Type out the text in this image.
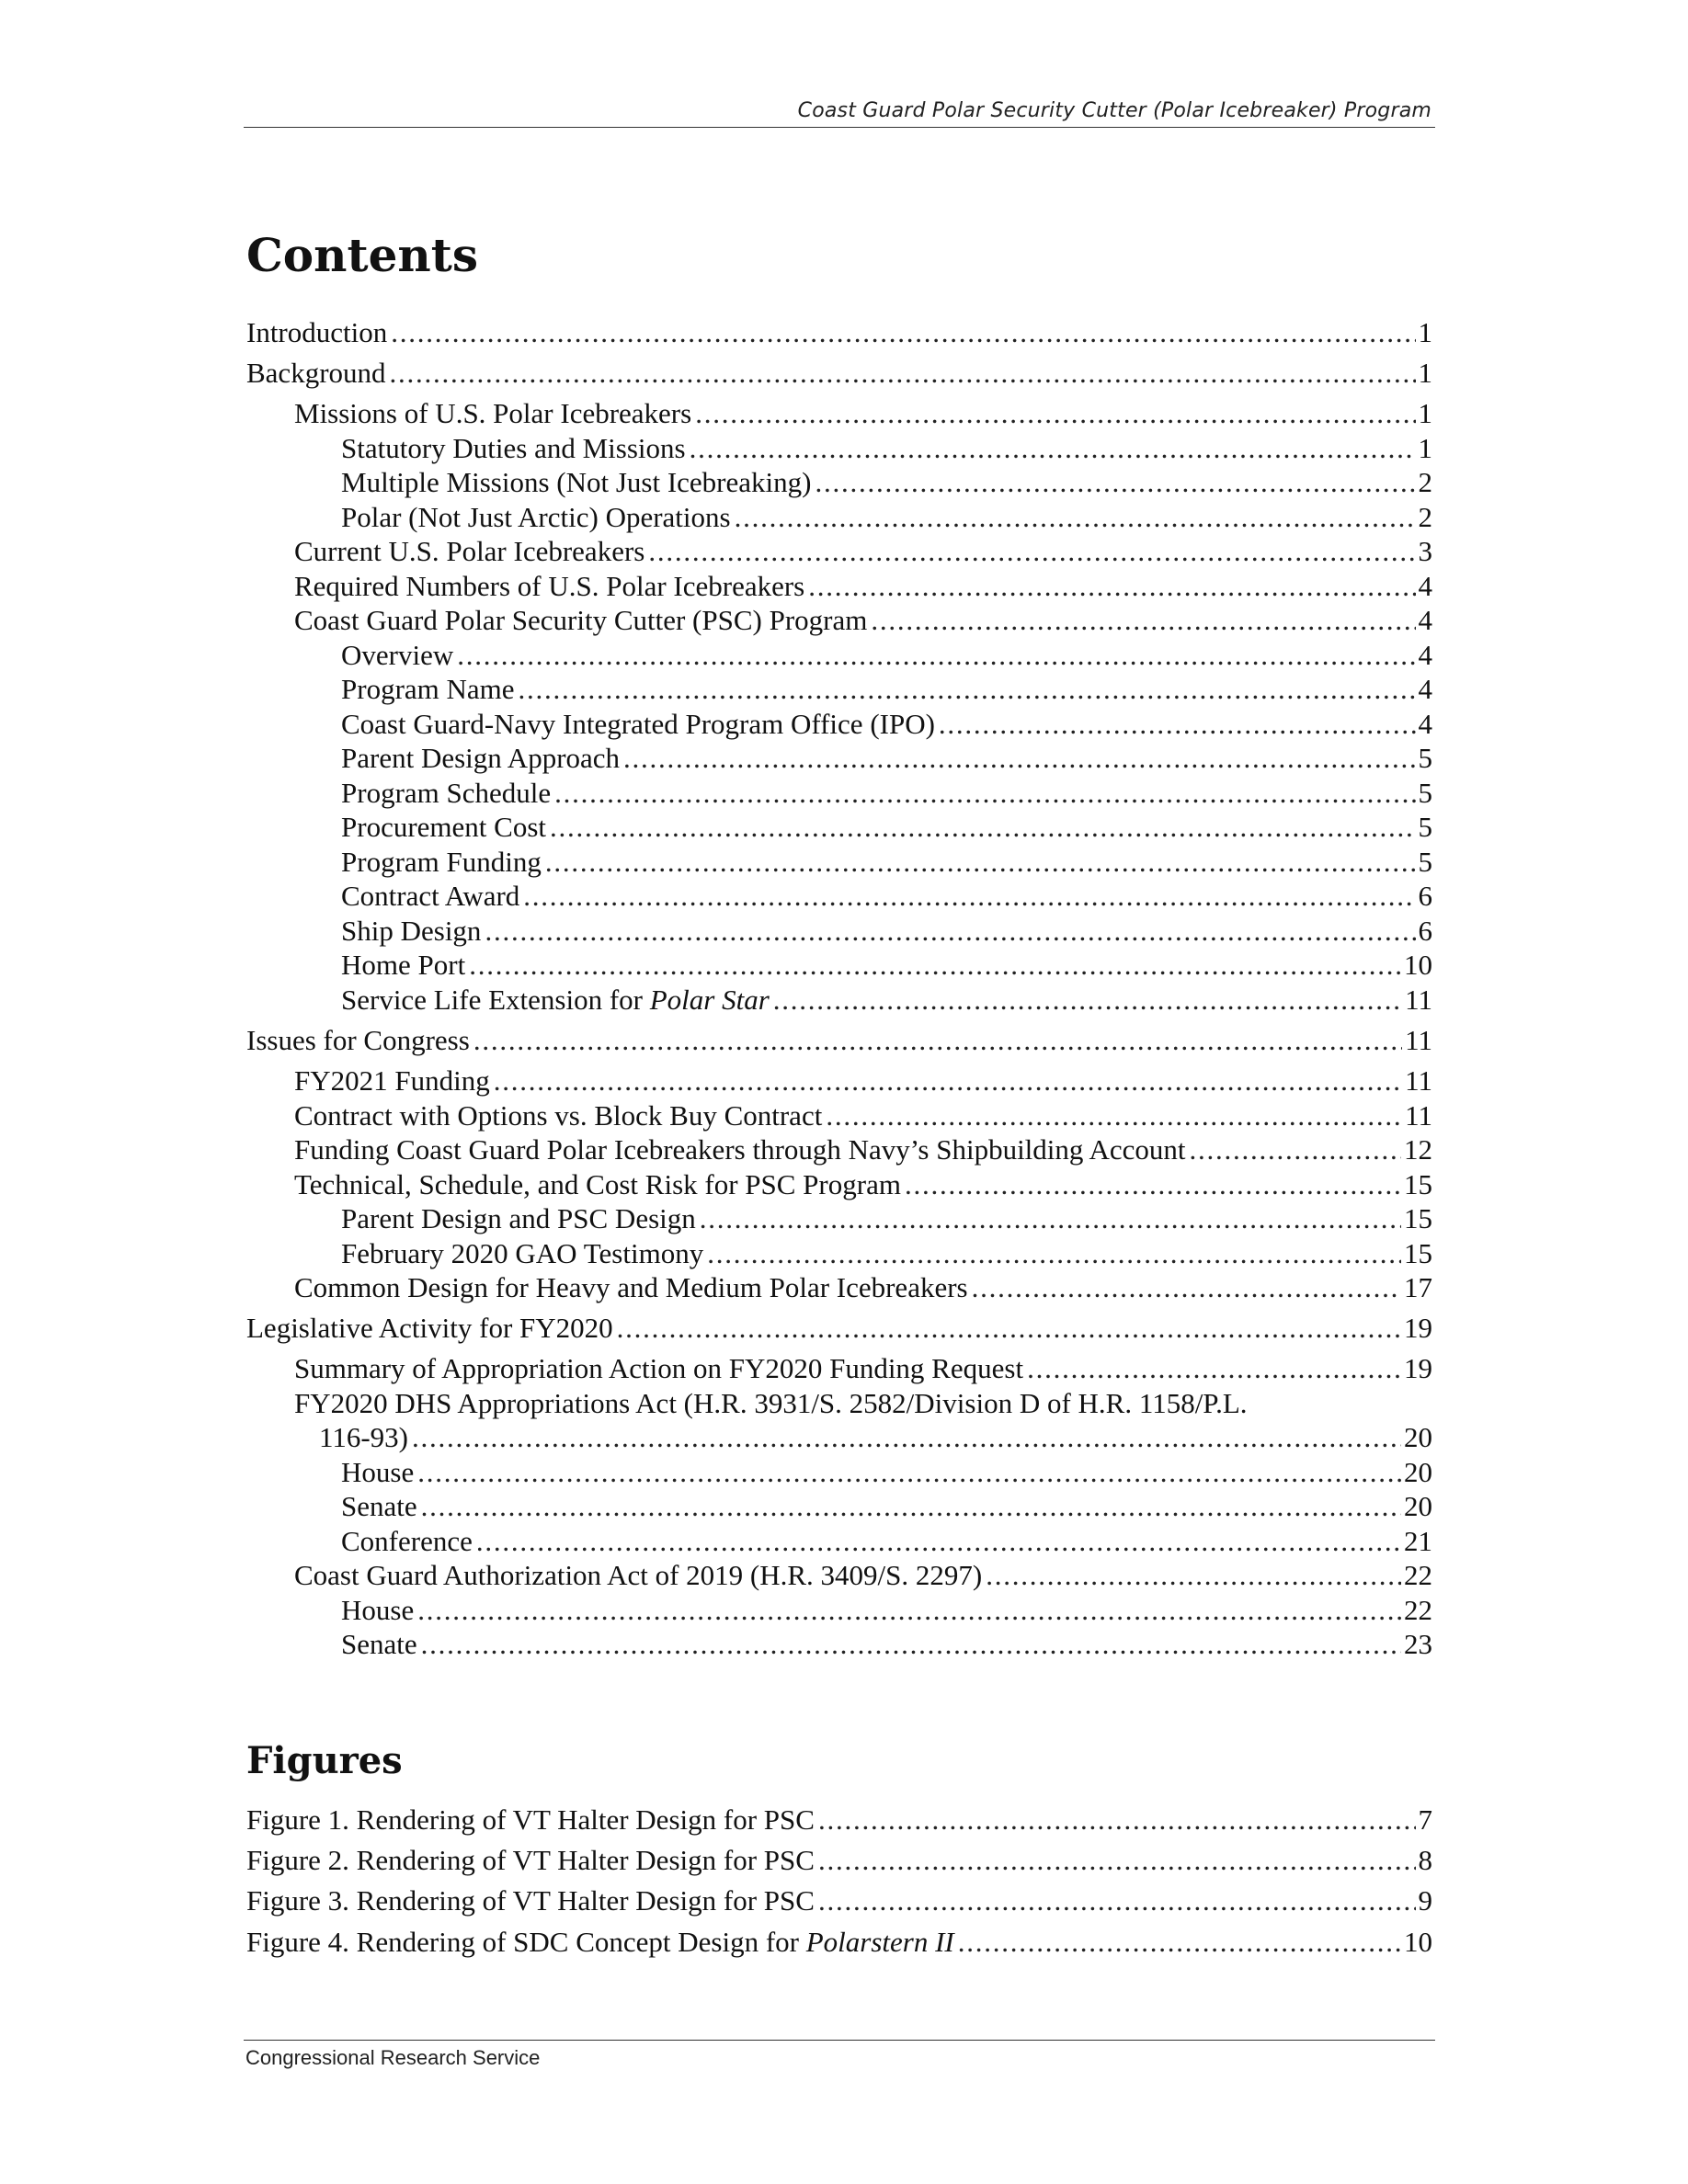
Coast Guard Polar Security Cutter (Polar Icebreaker) Program
Contents
Introduction . . .	1
Background . . .	1
Missions of U.S. Polar Icebreakers . . .	1
Statutory Duties and Missions . . .	1
Multiple Missions (Not Just Icebreaking) . . .	2
Polar (Not Just Arctic) Operations . . .	2
Current U.S. Polar Icebreakers . . .	3
Required Numbers of U.S. Polar Icebreakers . . .	4
Coast Guard Polar Security Cutter (PSC) Program . . .	4
Overview . . .	4
Program Name . . .	4
Coast Guard-Navy Integrated Program Office (IPO) . . .	4
Parent Design Approach . . .	5
Program Schedule . . .	5
Procurement Cost . . .	5
Program Funding . . .	5
Contract Award . . .	6
Ship Design . . .	6
Home Port . . .	10
Service Life Extension for Polar Star . . .	11
Issues for Congress . . .	11
FY2021 Funding . . .	11
Contract with Options vs. Block Buy Contract . . .	11
Funding Coast Guard Polar Icebreakers through Navy’s Shipbuilding Account . . .	12
Technical, Schedule, and Cost Risk for PSC Program . . .	15
Parent Design and PSC Design . . .	15
February 2020 GAO Testimony . . .	15
Common Design for Heavy and Medium Polar Icebreakers . . .	17
Legislative Activity for FY2020 . . .	19
Summary of Appropriation Action on FY2020 Funding Request . . .	19
FY2020 DHS Appropriations Act (H.R. 3931/S. 2582/Division D of H.R. 1158/P.L.
116-93) . . .	20
House . . .	20
Senate . . .	20
Conference . . .	21
Coast Guard Authorization Act of 2019 (H.R. 3409/S. 2297) . . .	22
House . . .	22
Senate . . .	23
Figures
Figure 1. Rendering of VT Halter Design for PSC . . .	7
Figure 2. Rendering of VT Halter Design for PSC . . .	8
Figure 3. Rendering of VT Halter Design for PSC . . .	9
Figure 4. Rendering of SDC Concept Design for Polarstern II . . .	10
Congressional Research Service
